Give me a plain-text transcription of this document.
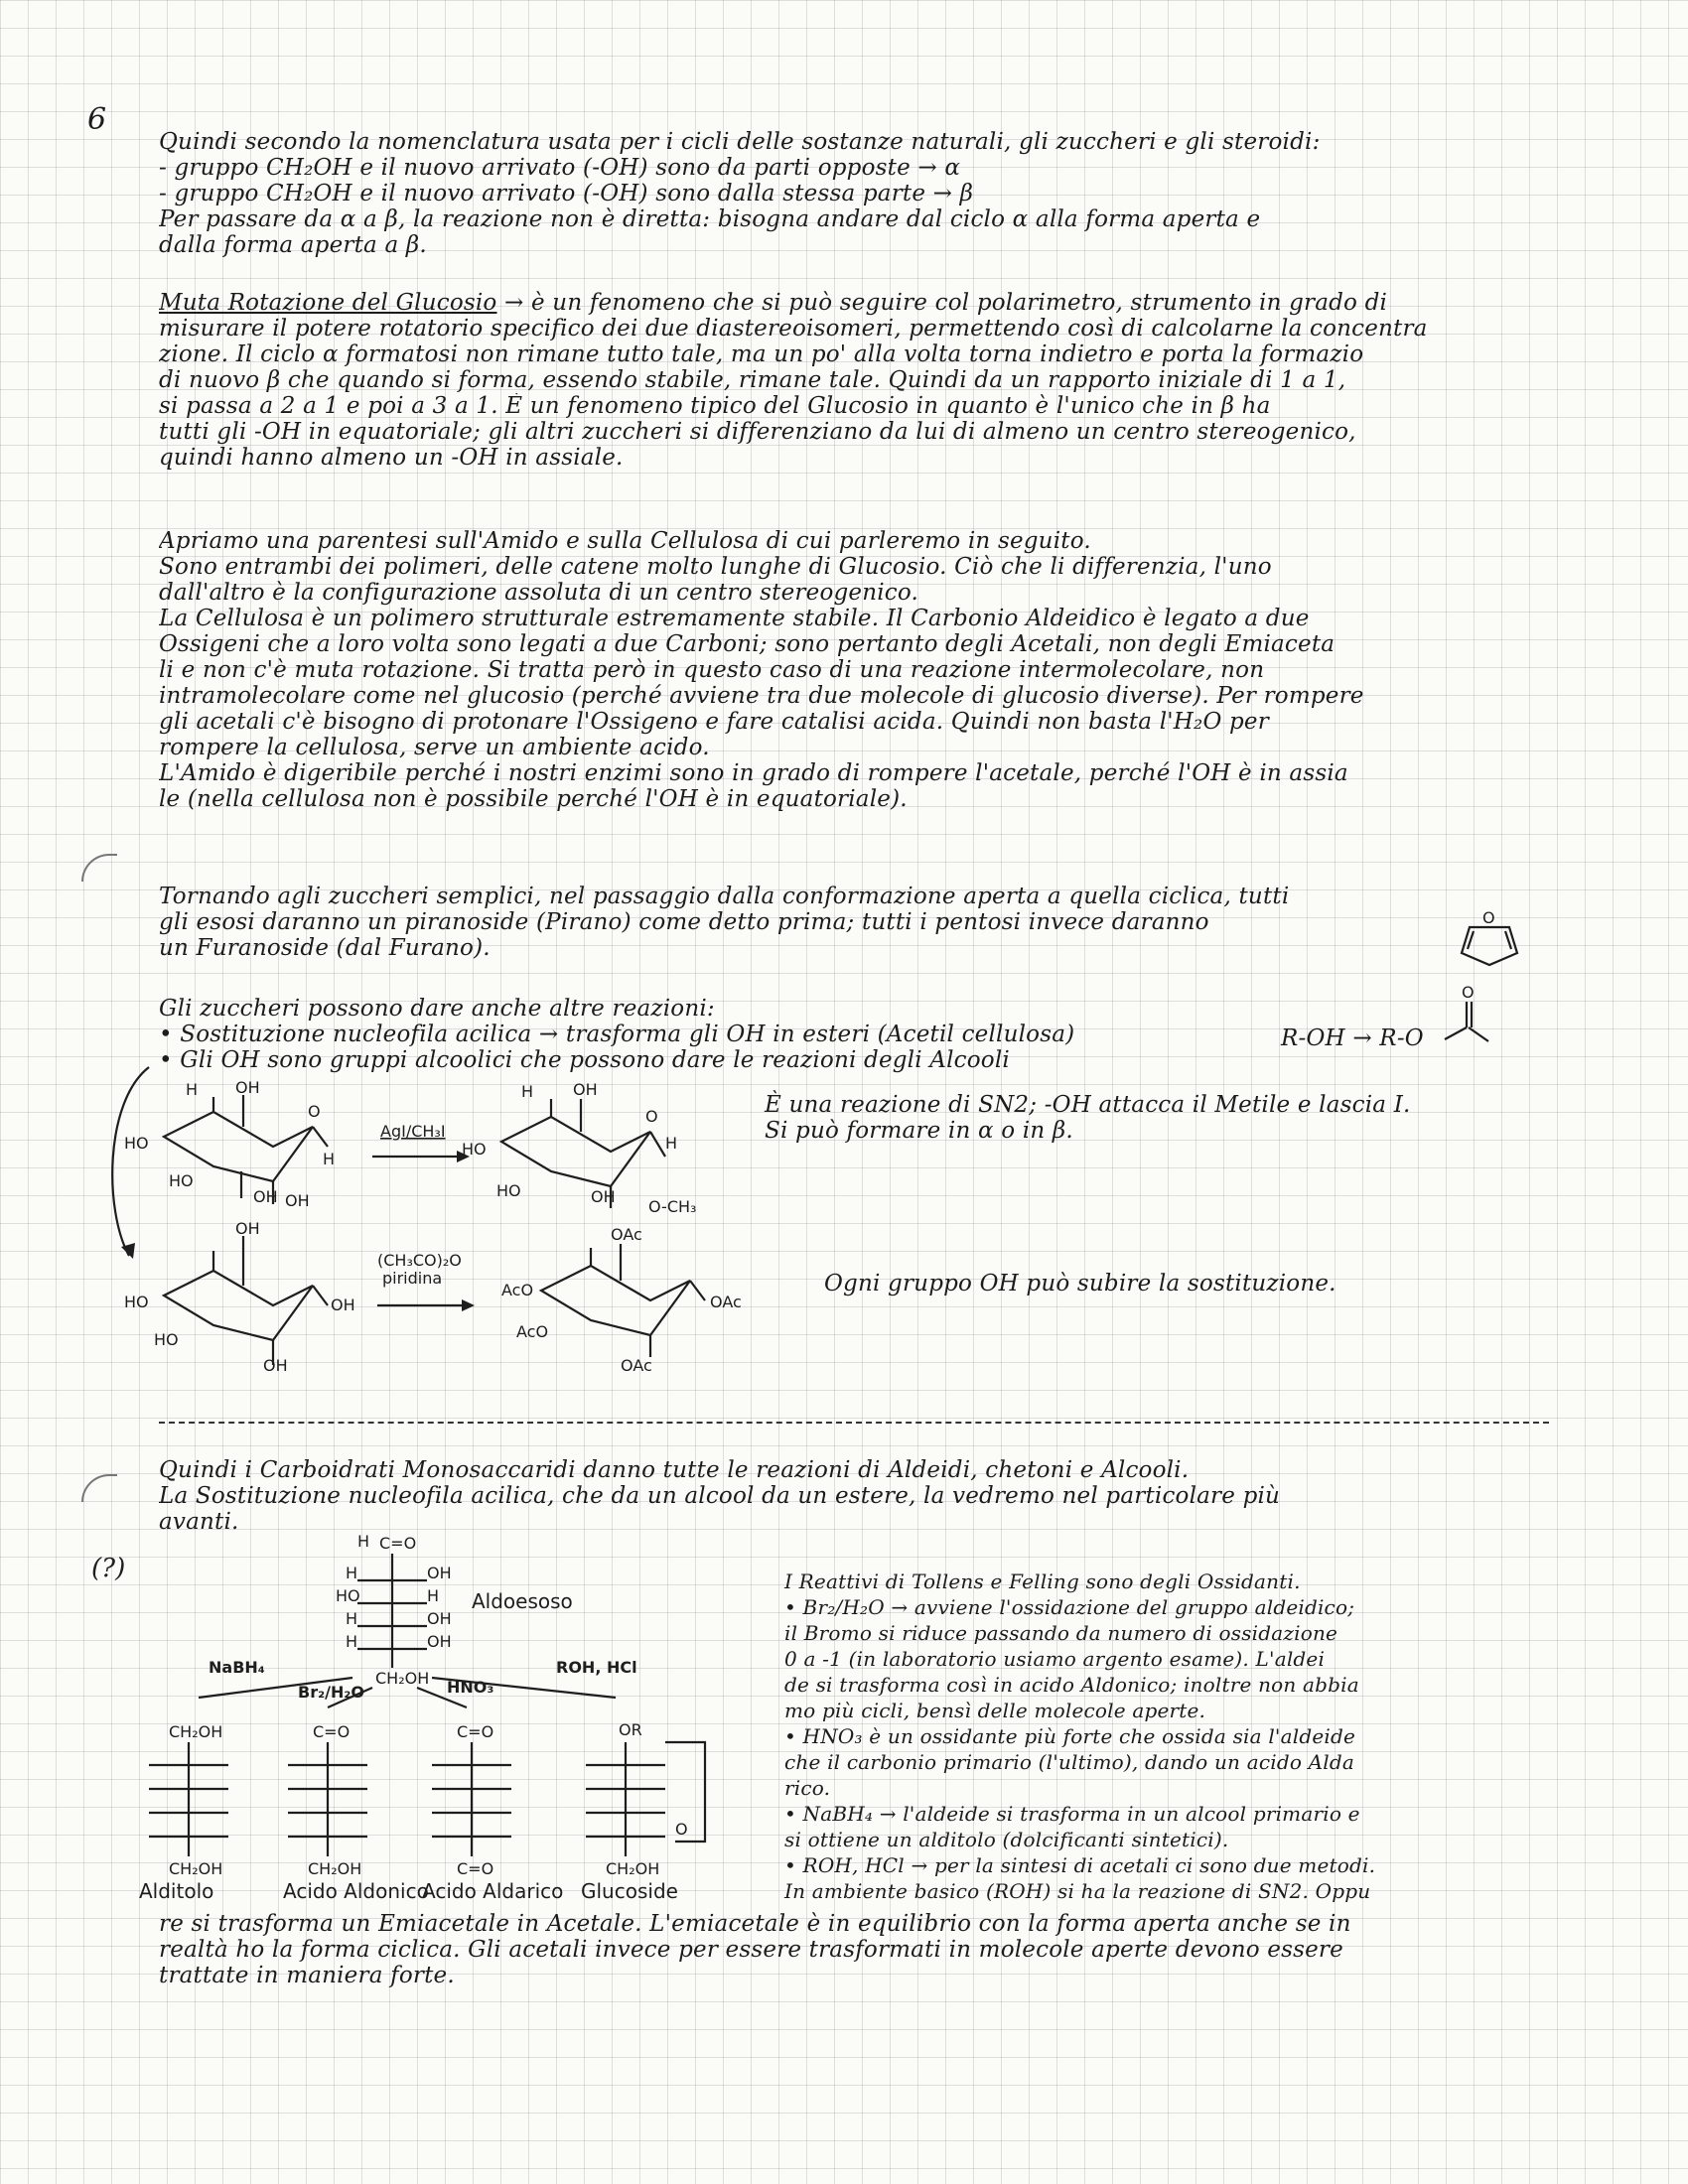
6

Quindi secondo la nomenclatura usata per i cicli delle sostanze naturali, gli zuccheri e gli steroidi:

- gruppo CH₂OH e il nuovo arrivato (-OH) sono da parti opposte → α

- gruppo CH₂OH e il nuovo arrivato (-OH) sono dalla stessa parte → β

Per passare da α a β, la reazione non è diretta: bisogna andare dal ciclo α alla forma aperta e

dalla forma aperta a β.

Muta Rotazione del Glucosio → è un fenomeno che si può seguire col polarimetro, strumento in grado di

misurare il potere rotatorio specifico dei due diastereoisomeri, permettendo così di calcolarne la concentra

zione. Il ciclo α formatosi non rimane tutto tale, ma un po' alla volta torna indietro e porta la formazio

di nuovo β che quando si forma, essendo stabile, rimane tale. Quindi da un rapporto iniziale di 1 a 1,

si passa a 2 a 1 e poi a 3 a 1. È un fenomeno tipico del Glucosio in quanto è l'unico che in β ha

tutti gli -OH in equatoriale; gli altri zuccheri si differenziano da lui di almeno un centro stereogenico,

quindi hanno almeno un -OH in assiale.

Apriamo una parentesi sull'Amido e sulla Cellulosa di cui parleremo in seguito.

Sono entrambi dei polimeri, delle catene molto lunghe di Glucosio. Ciò che li differenzia, l'uno

dall'altro è la configurazione assoluta di un centro stereogenico.

La Cellulosa è un polimero strutturale estremamente stabile. Il Carbonio Aldeidico è legato a due

Ossigeni che a loro volta sono legati a due Carboni; sono pertanto degli Acetali, non degli Emiaceta

li e non c'è muta rotazione. Si tratta però in questo caso di una reazione intermolecolare, non

intramolecolare come nel glucosio (perché avviene tra due molecole di glucosio diverse). Per rompere

gli acetali c'è bisogno di protonare l'Ossigeno e fare catalisi acida. Quindi non basta l'H₂O per

rompere la cellulosa, serve un ambiente acido.

L'Amido è digeribile perché i nostri enzimi sono in grado di rompere l'acetale, perché l'OH è in assia

le (nella cellulosa non è possibile perché l'OH è in equatoriale).

Tornando agli zuccheri semplici, nel passaggio dalla conformazione aperta a quella ciclica, tutti

gli esosi daranno un piranoside (Pirano) come detto prima; tutti i pentosi invece daranno

un Furanoside (dal Furano).

O

Gli zuccheri possono dare anche altre reazioni:

• Sostituzione nucleofila acilica → trasforma gli OH in esteri (Acetil cellulosa)

• Gli OH sono gruppi alcoolici che possono dare le reazioni degli Alcooli

R-OH → R-O
O
H OH
O
HO
HO
OH OH
H
AgI/CH₃I
H OH
O
HO
HO	OH
O-CH₃
H

È una reazione di SN2; -OH attacca il Metile e lascia I.

Si può formare in α o in β.

OH
HO
HO
OH
OH
(CH₃CO)₂O
piridina
OAc
AcO
AcO
OAc
OAc
Ogni gruppo OH può subire la sostituzione.

Quindi i Carboidrati Monosaccaridi danno tutte le reazioni di Aldeidi, chetoni e Alcooli.

La Sostituzione nucleofila acilica, che da un alcool da un estere, la vedremo nel particolare più

avanti.

(?)
C=O
H
H	OH
HO	H
H	OH
H	OH
CH₂OH
Aldoesoso
NaBH₄
Br₂/H₂O	HNO₃
ROH, HCl
CH₂OH
CH₂OH
C=O
CH₂OH
C=O
C=O
OR
O
CH₂OH
Alditolo	Acido Aldonico
Acido Aldarico Glucoside

I Reattivi di Tollens e Felling sono degli Ossidanti.

• Br₂/H₂O → avviene l'ossidazione del gruppo aldeidico;

il Bromo si riduce passando da numero di ossidazione

0 a -1 (in laboratorio usiamo argento esame). L'aldei

de si trasforma così in acido Aldonico; inoltre non abbia

mo più cicli, bensì delle molecole aperte.

• HNO₃ è un ossidante più forte che ossida sia l'aldeide

che il carbonio primario (l'ultimo), dando un acido Alda

rico.

• NaBH₄ → l'aldeide si trasforma in un alcool primario e

si ottiene un alditolo (dolcificanti sintetici).

• ROH, HCl → per la sintesi di acetali ci sono due metodi.

In ambiente basico (ROH) si ha la reazione di SN2. Oppu

re si trasforma un Emiacetale in Acetale. L'emiacetale è in equilibrio con la forma aperta anche se in

realtà ho la forma ciclica. Gli acetali invece per essere trasformati in molecole aperte devono essere

trattate in maniera forte.
